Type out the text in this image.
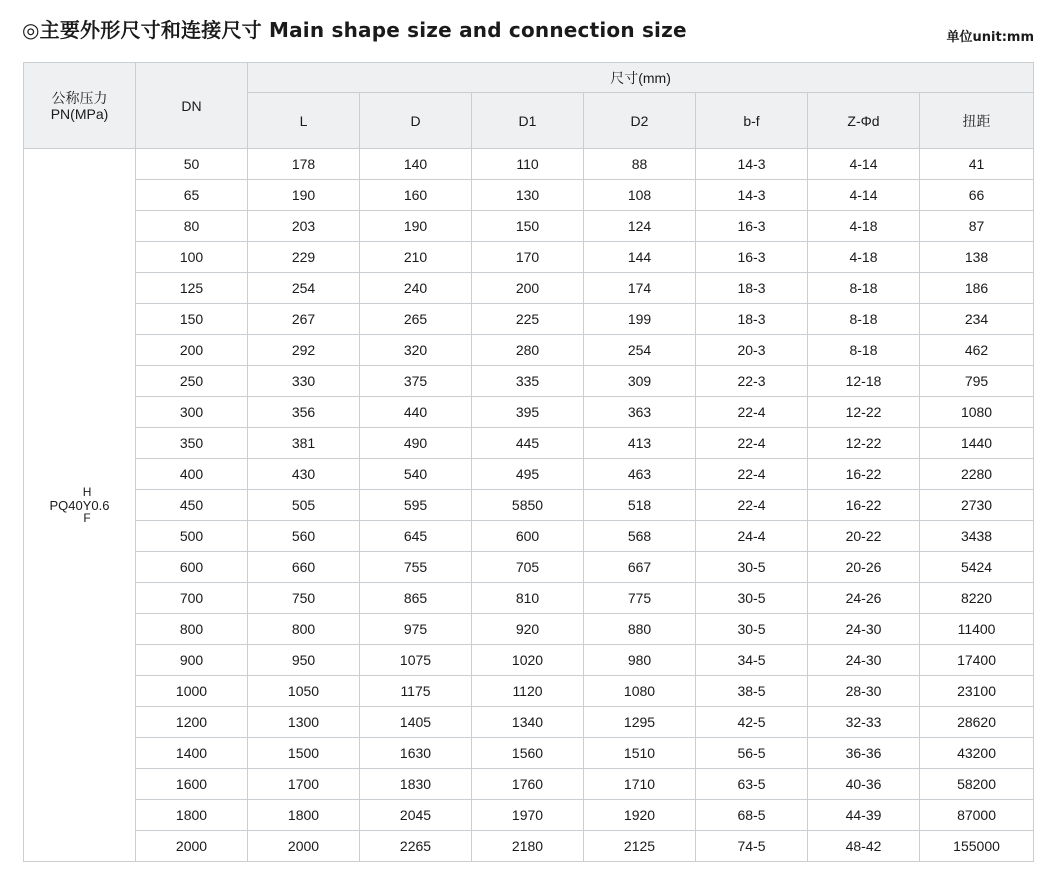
◎主要外形尺寸和连接尺寸 Main shape size and connection size	单位unit:mm
公称压力
PN(MPa)	DN	尺寸(mm)						
		L	D	D1	D2	b-f	Z-Φd	扭距
PQ40
H
Y
F
0.6	50	178	140	110	88	14-3	4-14	41
	65	190	160	130	108	14-3	4-14	66
	80	203	190	150	124	16-3	4-18	87
	100	229	210	170	144	16-3	4-18	138
	125	254	240	200	174	18-3	8-18	186
	150	267	265	225	199	18-3	8-18	234
	200	292	320	280	254	20-3	8-18	462
	250	330	375	335	309	22-3	12-18	795
	300	356	440	395	363	22-4	12-22	1080
	350	381	490	445	413	22-4	12-22	1440
	400	430	540	495	463	22-4	16-22	2280
	450	505	595	5850	518	22-4	16-22	2730
	500	560	645	600	568	24-4	20-22	3438
	600	660	755	705	667	30-5	20-26	5424
	700	750	865	810	775	30-5	24-26	8220
	800	800	975	920	880	30-5	24-30	11400
	900	950	1075	1020	980	34-5	24-30	17400
	1000	1050	1175	1120	1080	38-5	28-30	23100
	1200	1300	1405	1340	1295	42-5	32-33	28620
	1400	1500	1630	1560	1510	56-5	36-36	43200
	1600	1700	1830	1760	1710	63-5	40-36	58200
	1800	1800	2045	1970	1920	68-5	44-39	87000
	2000	2000	2265	2180	2125	74-5	48-42	155000
